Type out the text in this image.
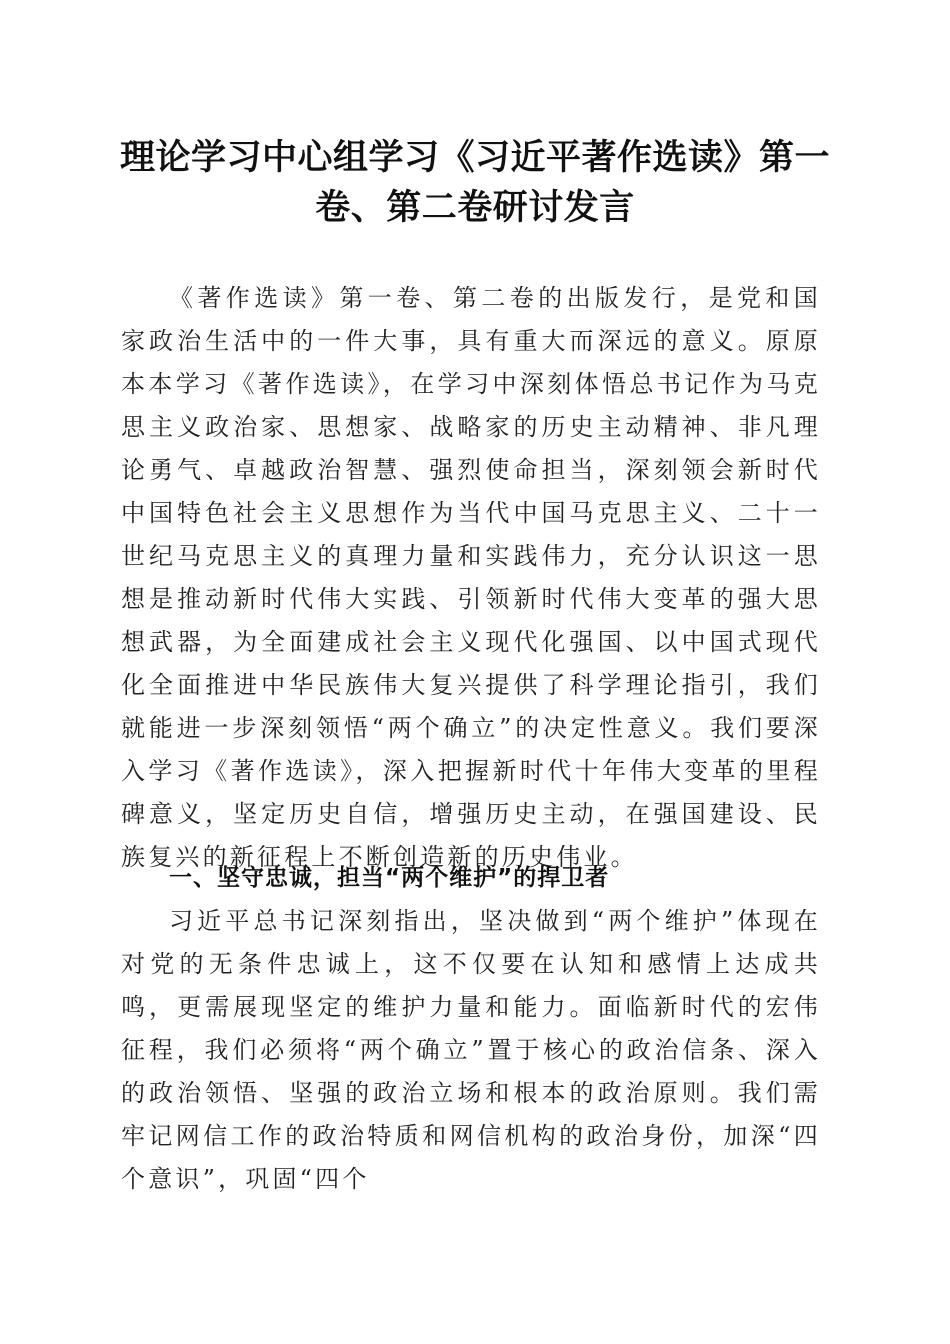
理论学习中心组学习《习近平著作选读》第一
卷、第二卷研讨发言

《著作选读》第一卷、第二卷的出版发行，是党和国家政治生活中的一件大事，具有重大而深远的意义。原原本本学习《著作选读》，在学习中深刻体悟总书记作为马克思主义政治家、思想家、战略家的历史主动精神、非凡理论勇气、卓越政治智慧、强烈使命担当，深刻领会新时代中国特色社会主义思想作为当代中国马克思主义、二十一世纪马克思主义的真理力量和实践伟力，充分认识这一思想是推动新时代伟大实践、引领新时代伟大变革的强大思想武器，为全面建成社会主义现代化强国、以中国式现代化全面推进中华民族伟大复兴提供了科学理论指引，我们就能进一步深刻领悟“两个确立”的决定性意义。我们要深入学习《著作选读》，深入把握新时代十年伟大变革的里程碑意义，坚定历史自信，增强历史主动，在强国建设、民族复兴的新征程上不断创造新的历史伟业。

一、坚守忠诚，担当“两个维护”的捍卫者

习近平总书记深刻指出，坚决做到“两个维护”体现在对党的无条件忠诚上，这不仅要在认知和感情上达成共鸣，更需展现坚定的维护力量和能力。面临新时代的宏伟征程，我们必须将“两个确立”置于核心的政治信条、深入的政治领悟、坚强的政治立场和根本的政治原则。我们需牢记网信工作的政治特质和网信机构的政治身份，加深“四个意识”，巩固“四个
